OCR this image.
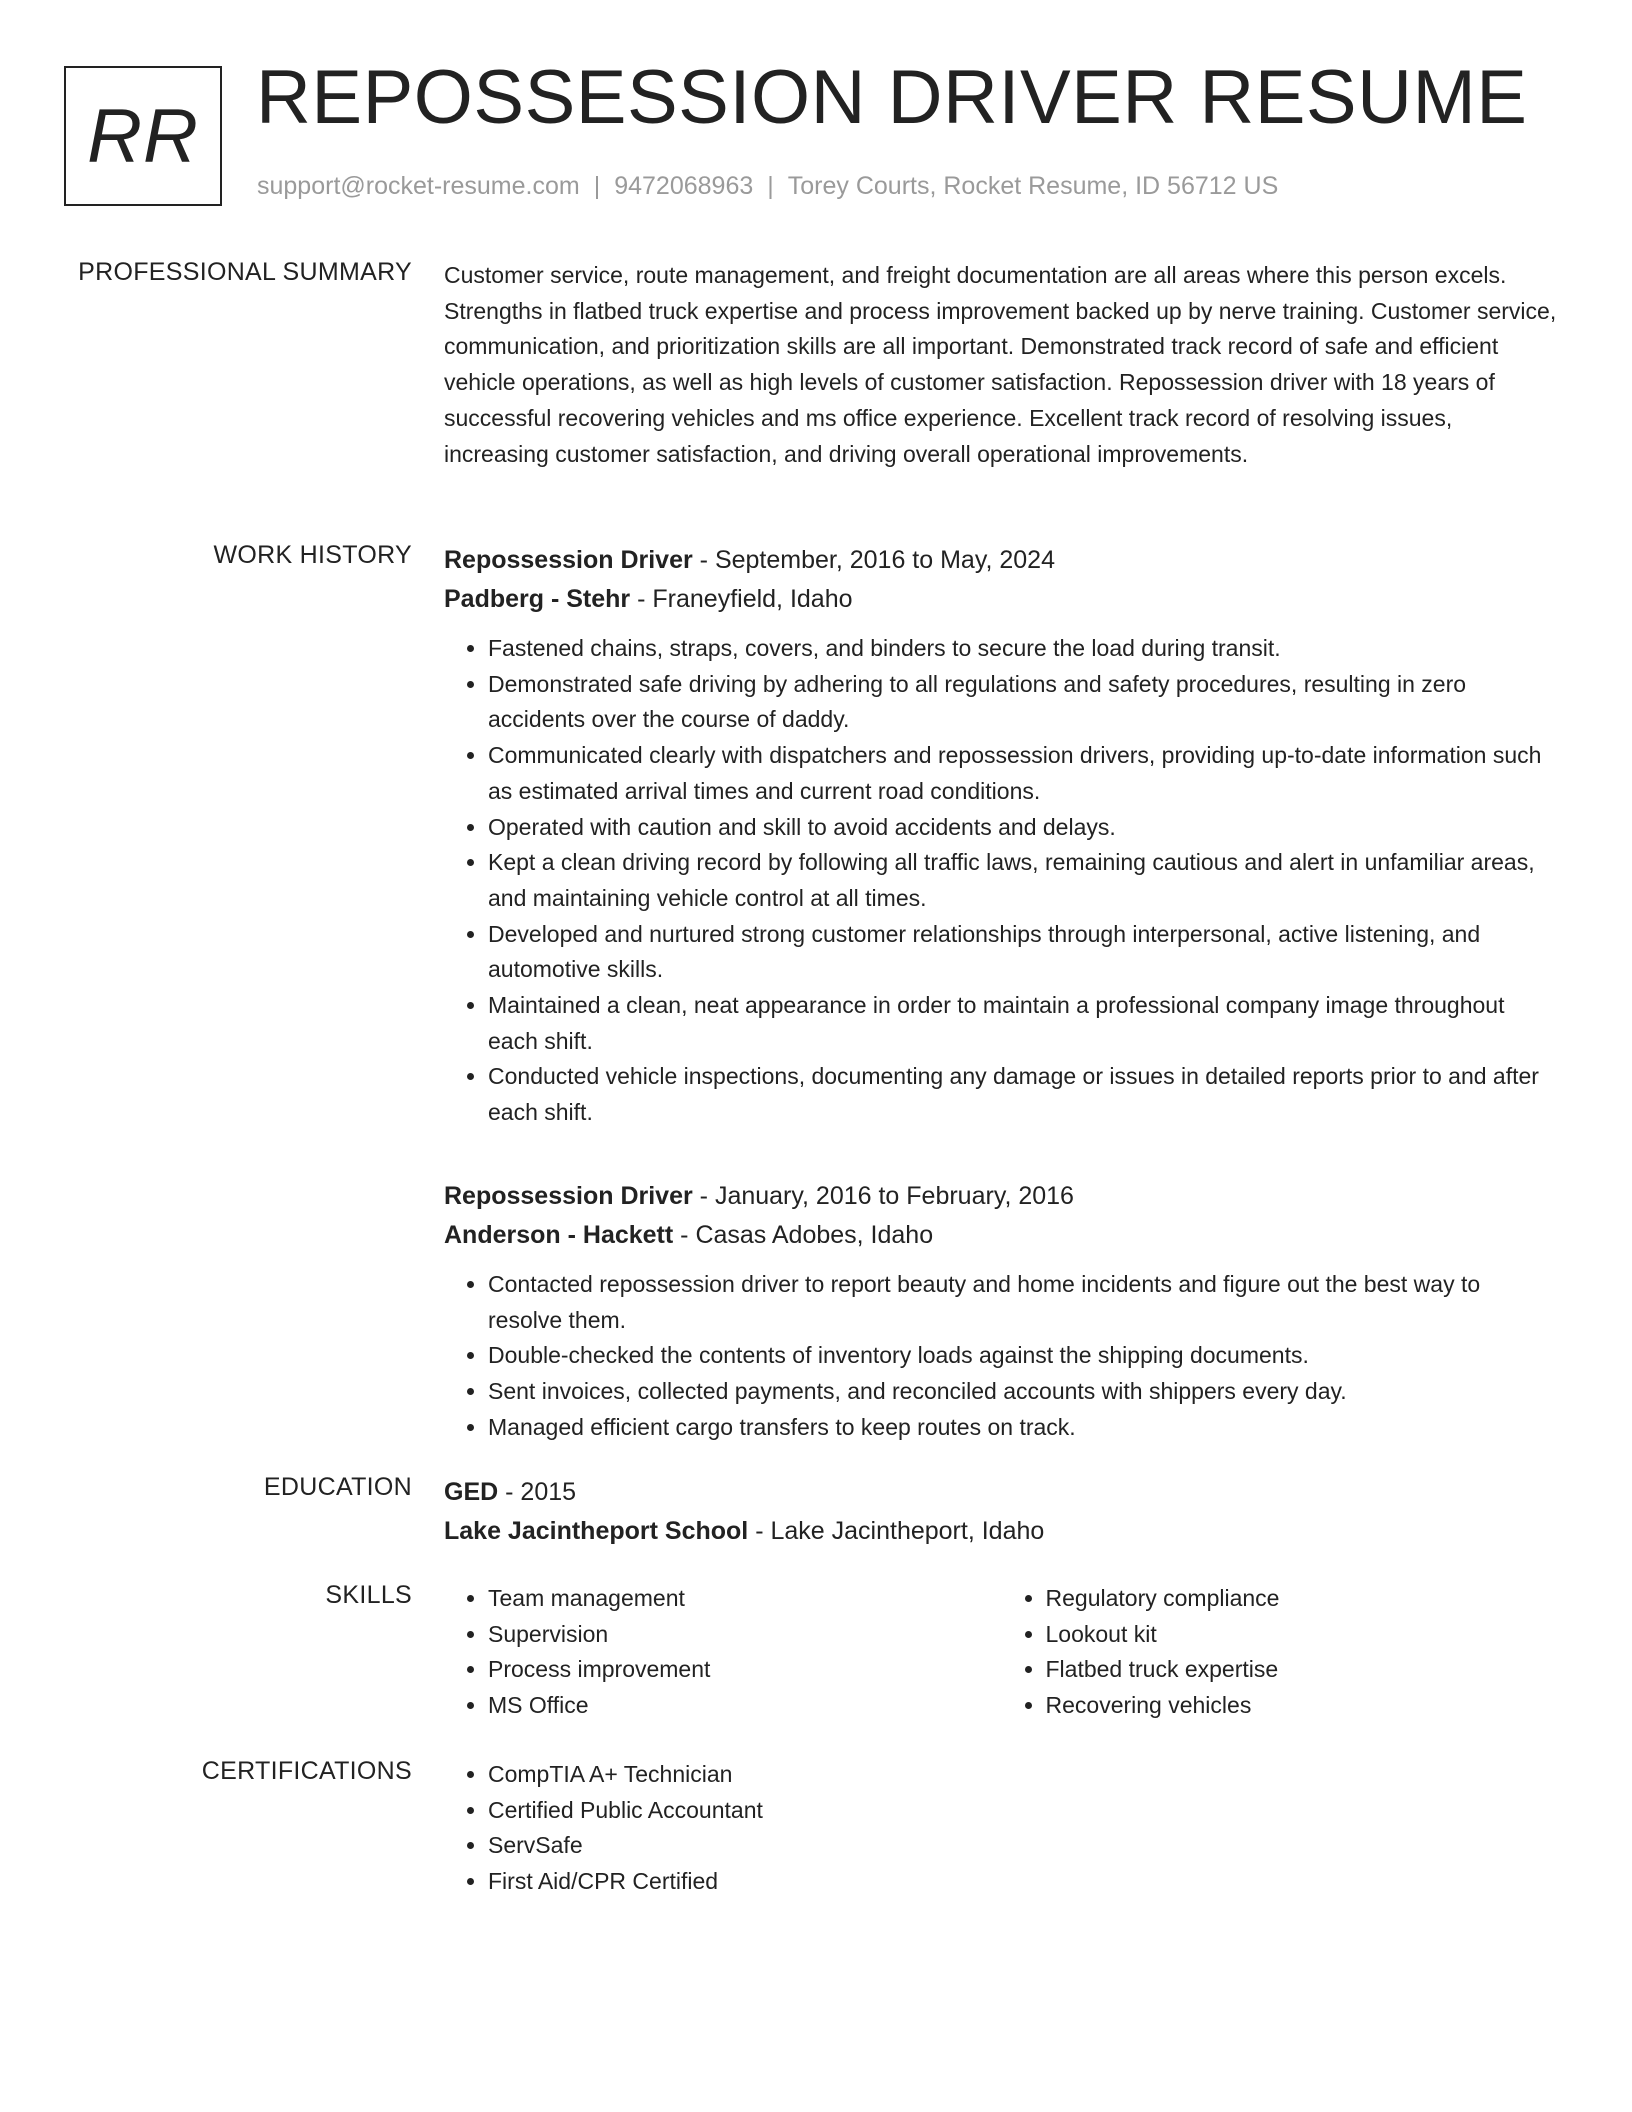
RR REPOSSESSION DRIVER RESUME
support@rocket-resume.com | 9472068963 | Torey Courts, Rocket Resume, ID 56712 US
PROFESSIONAL SUMMARY Customer service, route management, and freight documentation are all areas where this person excels. Strengths in flatbed truck expertise and process improvement backed up by nerve training. Customer service, communication, and prioritization skills are all important. Demonstrated track record of safe and efficient vehicle operations, as well as high levels of customer satisfaction. Repossession driver with 18 years of successful recovering vehicles and ms office experience. Excellent track record of resolving issues, increasing customer satisfaction, and driving overall operational improvements.

WORK HISTORY Repossession Driver - September, 2016 to May, 2024
Padberg - Stehr - Franeyfield, Idaho
• Fastened chains, straps, covers, and binders to secure the load during transit.
• Demonstrated safe driving by adhering to all regulations and safety procedures, resulting in zero accidents over the course of daddy.
• Communicated clearly with dispatchers and repossession drivers, providing up-to-date information such as estimated arrival times and current road conditions.
• Operated with caution and skill to avoid accidents and delays.
• Kept a clean driving record by following all traffic laws, remaining cautious and alert in unfamiliar areas, and maintaining vehicle control at all times.
• Developed and nurtured strong customer relationships through interpersonal, active listening, and automotive skills.
• Maintained a clean, neat appearance in order to maintain a professional company image throughout each shift.
• Conducted vehicle inspections, documenting any damage or issues in detailed reports prior to and after each shift.
Repossession Driver - January, 2016 to February, 2016
Anderson - Hackett - Casas Adobes, Idaho
• Contacted repossession driver to report beauty and home incidents and figure out the best way to resolve them.
• Double-checked the contents of inventory loads against the shipping documents.
• Sent invoices, collected payments, and reconciled accounts with shippers every day.
• Managed efficient cargo transfers to keep routes on track.
EDUCATION GED - 2015
Lake Jacintheport School - Lake Jacintheport, Idaho
SKILLS	• Team management
• Supervision
• Process improvement
• MS Office
• Regulatory compliance
• Lookout kit
• Flatbed truck expertise
• Recovering vehicles
CERTIFICATIONS	• CompTIA A+ Technician
• Certified Public Accountant
• ServSafe
• First Aid/CPR Certified
